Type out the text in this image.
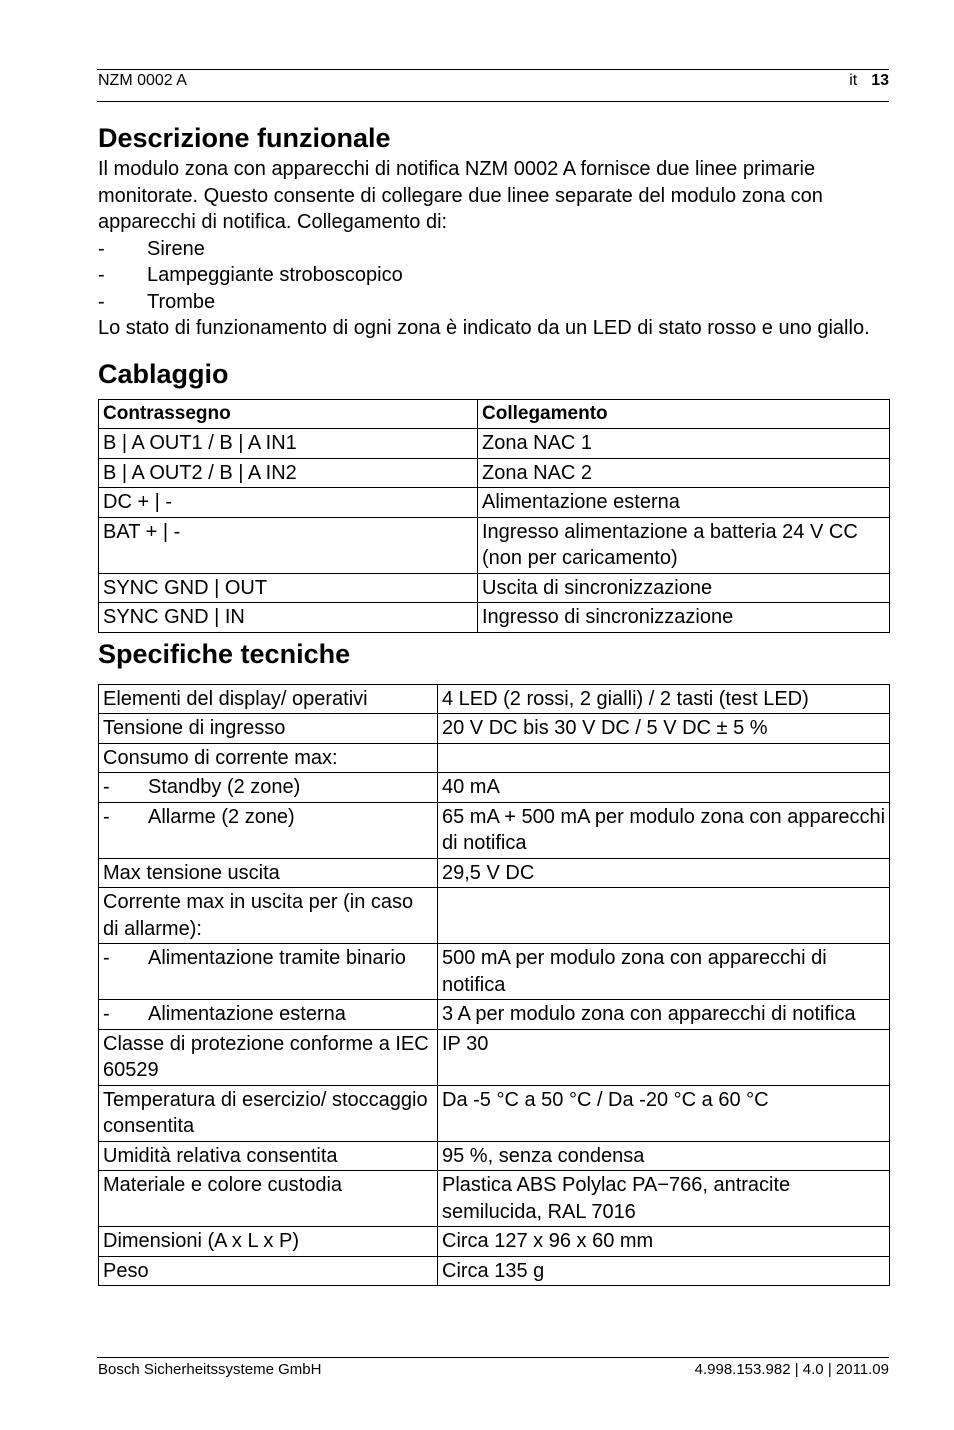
NZM 0002 A	it 13
Descrizione funzionale

Il modulo zona con apparecchi di notifica NZM 0002 A fornisce due linee primarie monitorate. Questo consente di collegare due linee separate del modulo zona con apparecchi di notifica. Collegamento di:

- Sirene
- Lampeggiante stroboscopico
- Trombe

Lo stato di funzionamento di ogni zona è indicato da un LED di stato rosso e uno giallo.

Cablaggio
Contrassegno	Collegamento
B | A OUT1 / B | A IN1	Zona NAC 1
B | A OUT2 / B | A IN2	Zona NAC 2
DC + | -	Alimentazione esterna
BAT + | -	Ingresso alimentazione a batteria 24 V CC (non per caricamento)
SYNC GND | OUT	Uscita di sincronizzazione
SYNC GND | IN	Ingresso di sincronizzazione
Specifiche tecniche
Elementi del display/ operativi	4 LED (2 rossi, 2 gialli) / 2 tasti (test LED)
Tensione di ingresso	20 V DC bis 30 V DC / 5 V DC ± 5 %
Consumo di corrente max:	

- Standby (2 zone)	40 mA

- Allarme (2 zone)	65 mA + 500 mA per modulo zona con apparecchi di notifica
Max tensione uscita	29,5 V DC
Corrente max in uscita per (in caso di allarme):	

- Alimentazione tramite binario	500 mA per modulo zona con apparecchi di notifica

- Alimentazione esterna	3 A per modulo zona con apparecchi di notifica
Classe di protezione conforme a IEC 60529	IP 30
Temperatura di esercizio/ stoccaggio consentita	Da -5 °C a 50 °C / Da -20 °C a 60 °C
Umidità relativa consentita	95 %, senza condensa
Materiale e colore custodia	Plastica ABS Polylac PA−766, antracite semilucida, RAL 7016
Dimensioni (A x L x P)	Circa 127 x 96 x 60 mm
Peso	Circa 135 g
Bosch Sicherheitssysteme GmbH	4.998.153.982 | 4.0 | 2011.09
